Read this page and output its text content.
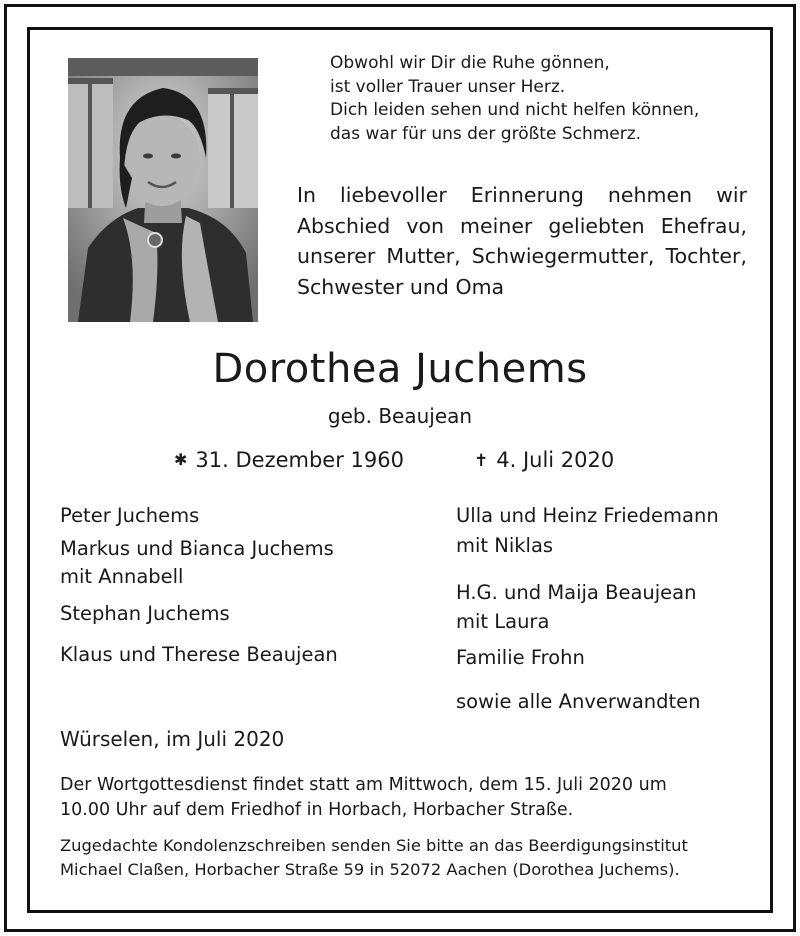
Obwohl wir Dir die Ruhe gönnen,
ist voller Trauer unser Herz.
Dich leiden sehen und nicht helfen können,
das war für uns der größte Schmerz.
In liebevoller Erinnerung nehmen wir
Abschied von meiner geliebten Ehefrau,
unserer Mutter, Schwiegermutter, Tochter,
Schwester und Oma
Dorothea Juchems
geb. Beaujean
✱ 31. Dezember 1960	✝ 4. Juli 2020
Peter Juchems
Markus und Bianca Juchems
mit Annabell
Stephan Juchems
Klaus und Therese Beaujean
Ulla und Heinz Friedemann
mit Niklas
H.G. und Maija Beaujean
mit Laura
Familie Frohn
sowie alle Anverwandten
Würselen, im Juli 2020
Der Wortgottesdienst findet statt am Mittwoch, dem 15. Juli 2020 um
10.00 Uhr auf dem Friedhof in Horbach, Horbacher Straße.
Zugedachte Kondolenzschreiben senden Sie bitte an das Beerdigungsinstitut
Michael Claßen, Horbacher Straße 59 in 52072 Aachen (Dorothea Juchems).
